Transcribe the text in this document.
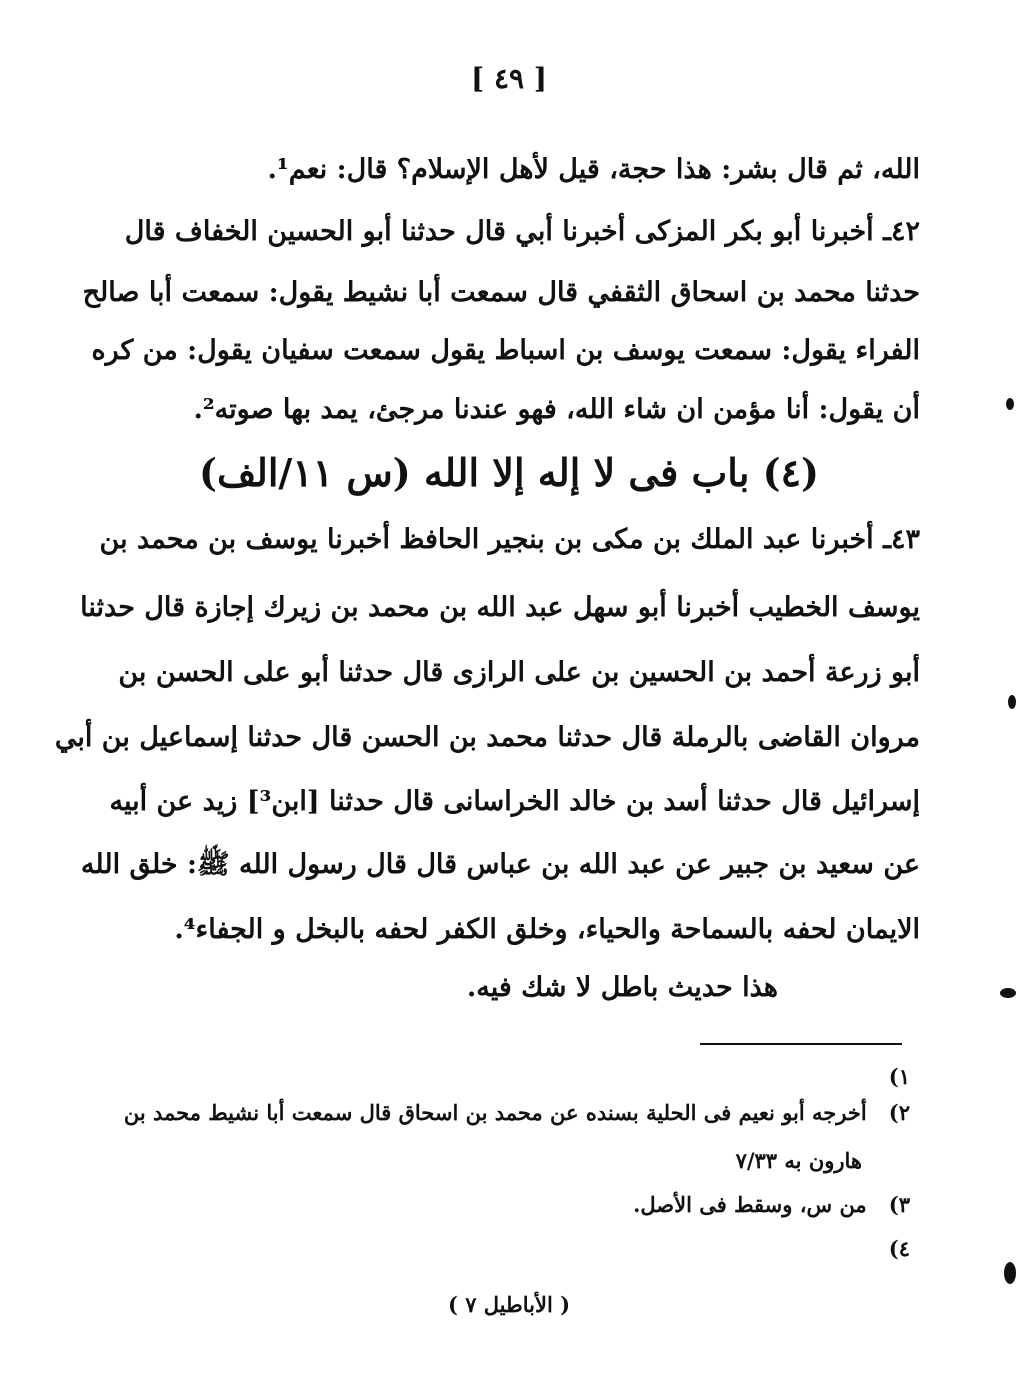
[ ٤٩ ]
الله، ثم قال بشر: هذا حجة، قيل لأهل الإسلام؟ قال: نعم¹.
٤٢ـ أخبرنا أبو بكر المزكى أخبرنا أبي قال حدثنا أبو الحسين الخفاف قال
حدثنا محمد بن اسحاق الثقفي قال سمعت أبا نشيط يقول: سمعت أبا صالح
الفراء يقول: سمعت يوسف بن اسباط يقول سمعت سفيان يقول: من كره
أن يقول: أنا مؤمن ان شاء الله، فهو عندنا مرجئ، يمد بها صوته².
(٤) باب فى لا إله إلا الله (س ١١/الف)
٤٣ـ أخبرنا عبد الملك بن مكى بن بنجير الحافظ أخبرنا يوسف بن محمد بن
يوسف الخطيب أخبرنا أبو سهل عبد الله بن محمد بن زيرك إجازة قال حدثنا
أبو زرعة أحمد بن الحسين بن على الرازى قال حدثنا أبو على الحسن بن
مروان القاضى بالرملة قال حدثنا محمد بن الحسن قال حدثنا إسماعيل بن أبي
إسرائيل قال حدثنا أسد بن خالد الخراسانى قال حدثنا [ابن³] زيد عن أبيه
عن سعيد بن جبير عن عبد الله بن عباس قال قال رسول الله ﷺ: خلق الله
الايمان لحفه بالسماحة والحياء، وخلق الكفر لحفه بالبخل و الجفاء⁴.
هذا حديث باطل لا شك فيه.
١)
٢) أخرجه أبو نعيم فى الحلية بسنده عن محمد بن اسحاق قال سمعت أبا نشيط محمد بن
هارون به ٧/٣٣
٣) من س، وسقط فى الأصل.
٤)
( الأباطيل ٧ )
